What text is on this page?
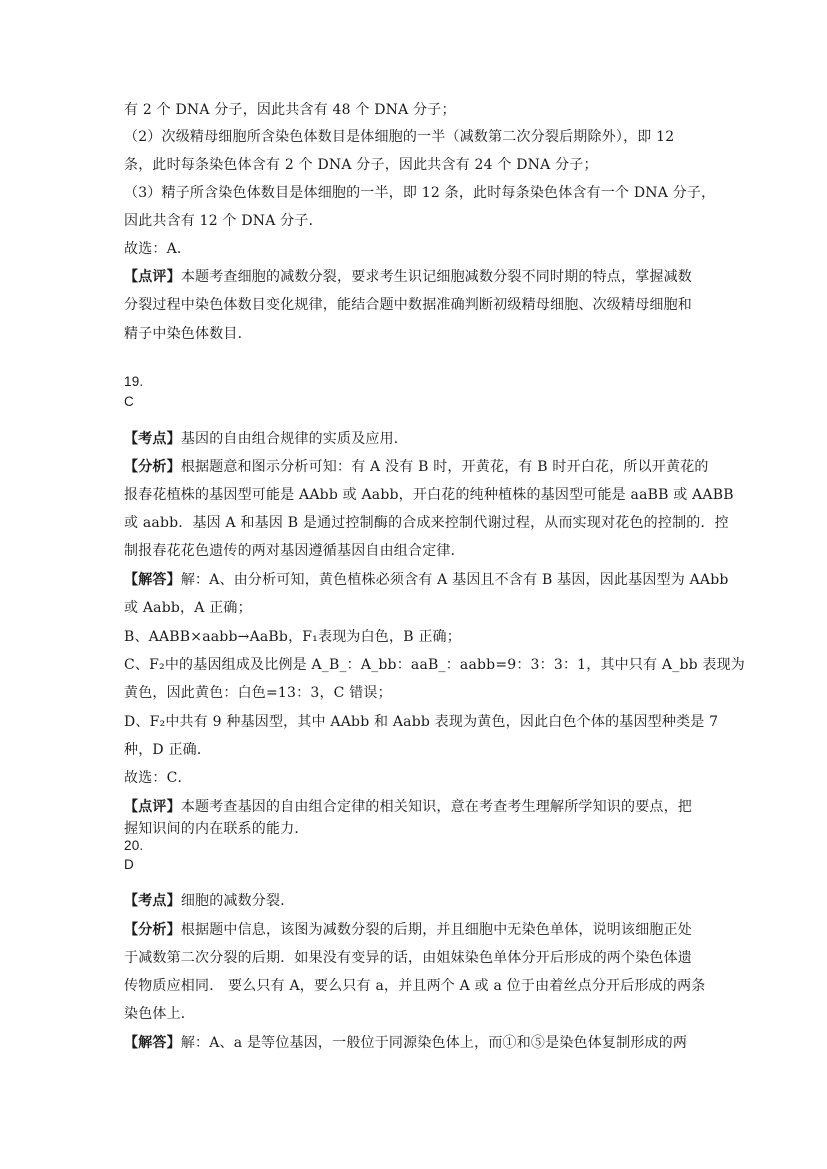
有 2 个 DNA 分子，因此共含有 48 个 DNA 分子；
（2）次级精母细胞所含染色体数目是体细胞的一半（减数第二次分裂后期除外），即 12
条，此时每条染色体含有 2 个 DNA 分子，因此共含有 24 个 DNA 分子；
（3）精子所含染色体数目是体细胞的一半，即 12 条，此时每条染色体含有一个 DNA 分子，
因此共含有 12 个 DNA 分子．
故选：A．
【点评】本题考查细胞的减数分裂，要求考生识记细胞减数分裂不同时期的特点，掌握减数
分裂过程中染色体数目变化规律，能结合题中数据准确判断初级精母细胞、次级精母细胞和
精子中染色体数目．
19.
C
【考点】基因的自由组合规律的实质及应用．
【分析】根据题意和图示分析可知：有 A 没有 B 时，开黄花，有 B 时开白花，所以开黄花的
报春花植株的基因型可能是 AAbb 或 Aabb，开白花的纯种植株的基因型可能是 aaBB 或 AABB
或 aabb．基因 A 和基因 B 是通过控制酶的合成来控制代谢过程，从而实现对花色的控制的．控
制报春花花色遗传的两对基因遵循基因自由组合定律．
【解答】解：A、由分析可知，黄色植株必须含有 A 基因且不含有 B 基因，因此基因型为 AAbb
或 Aabb，A 正确；
B、AABB×aabb→AaBb，F₁表现为白色，B 正确；
C、F₂中的基因组成及比例是 A_B_：A_bb：aaB_：aabb=9：3：3：1，其中只有 A_bb 表现为
黄色，因此黄色：白色=13：3，C 错误；
D、F₂中共有 9 种基因型，其中 AAbb 和 Aabb 表现为黄色，因此白色个体的基因型种类是 7
种，D 正确．
故选：C．
【点评】本题考查基因的自由组合定律的相关知识，意在考查考生理解所学知识的要点，把
握知识间的内在联系的能力．
20.
D
【考点】细胞的减数分裂．
【分析】根据题中信息，该图为减数分裂的后期，并且细胞中无染色单体，说明该细胞正处
于减数第二次分裂的后期．如果没有变异的话，由姐妹染色单体分开后形成的两个染色体遗
传物质应相同． 要么只有 A，要么只有 a，并且两个 A 或 a 位于由着丝点分开后形成的两条
染色体上．
【解答】解：A、a 是等位基因，一般位于同源染色体上，而①和⑤是染色体复制形成的两
